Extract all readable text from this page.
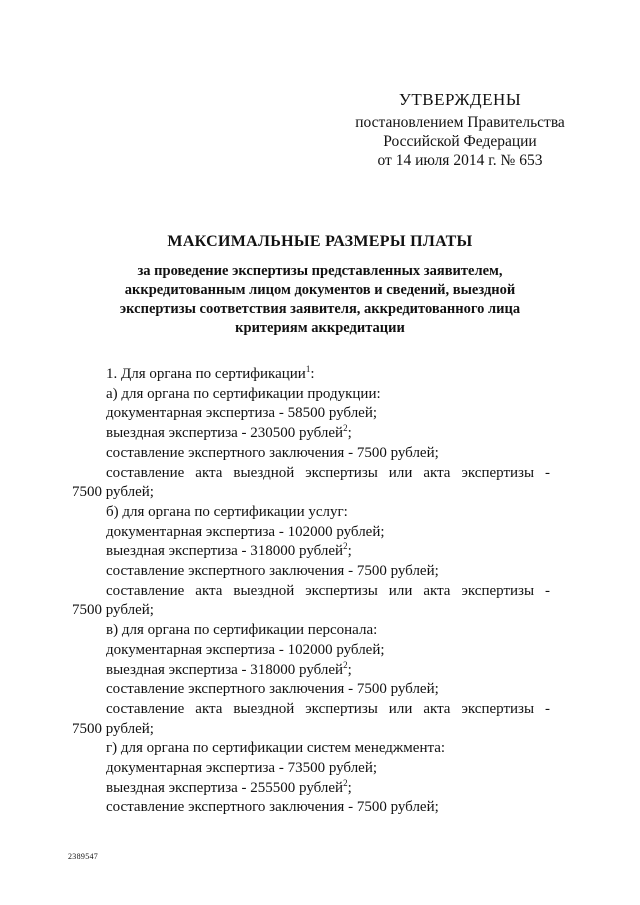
УТВЕРЖДЕНЫ
постановлением Правительства
Российской Федерации
от 14 июля 2014 г. № 653
МАКСИМАЛЬНЫЕ РАЗМЕРЫ ПЛАТЫ
за проведение экспертизы представленных заявителем,
аккредитованным лицом документов и сведений, выездной
экспертизы соответствия заявителя, аккредитованного лица
критериям аккредитации
1. Для органа по сертификации$^1$:
а) для органа по сертификации продукции:
документарная экспертиза - 58500 рублей;
выездная экспертиза - 230500 рублей$^2$;
составление экспертного заключения - 7500 рублей;
составление акта выездной экспертизы или акта экспертизы -
7500 рублей;
б) для органа по сертификации услуг:
документарная экспертиза - 102000 рублей;
выездная экспертиза - 318000 рублей$^2$;
составление экспертного заключения - 7500 рублей;
составление акта выездной экспертизы или акта экспертизы -
7500 рублей;
в) для органа по сертификации персонала:
документарная экспертиза - 102000 рублей;
выездная экспертиза - 318000 рублей$^2$;
составление экспертного заключения - 7500 рублей;
составление акта выездной экспертизы или акта экспертизы -
7500 рублей;
г) для органа по сертификации систем менеджмента:
документарная экспертиза - 73500 рублей;
выездная экспертиза - 255500 рублей$^2$;
составление экспертного заключения - 7500 рублей;
2389547
